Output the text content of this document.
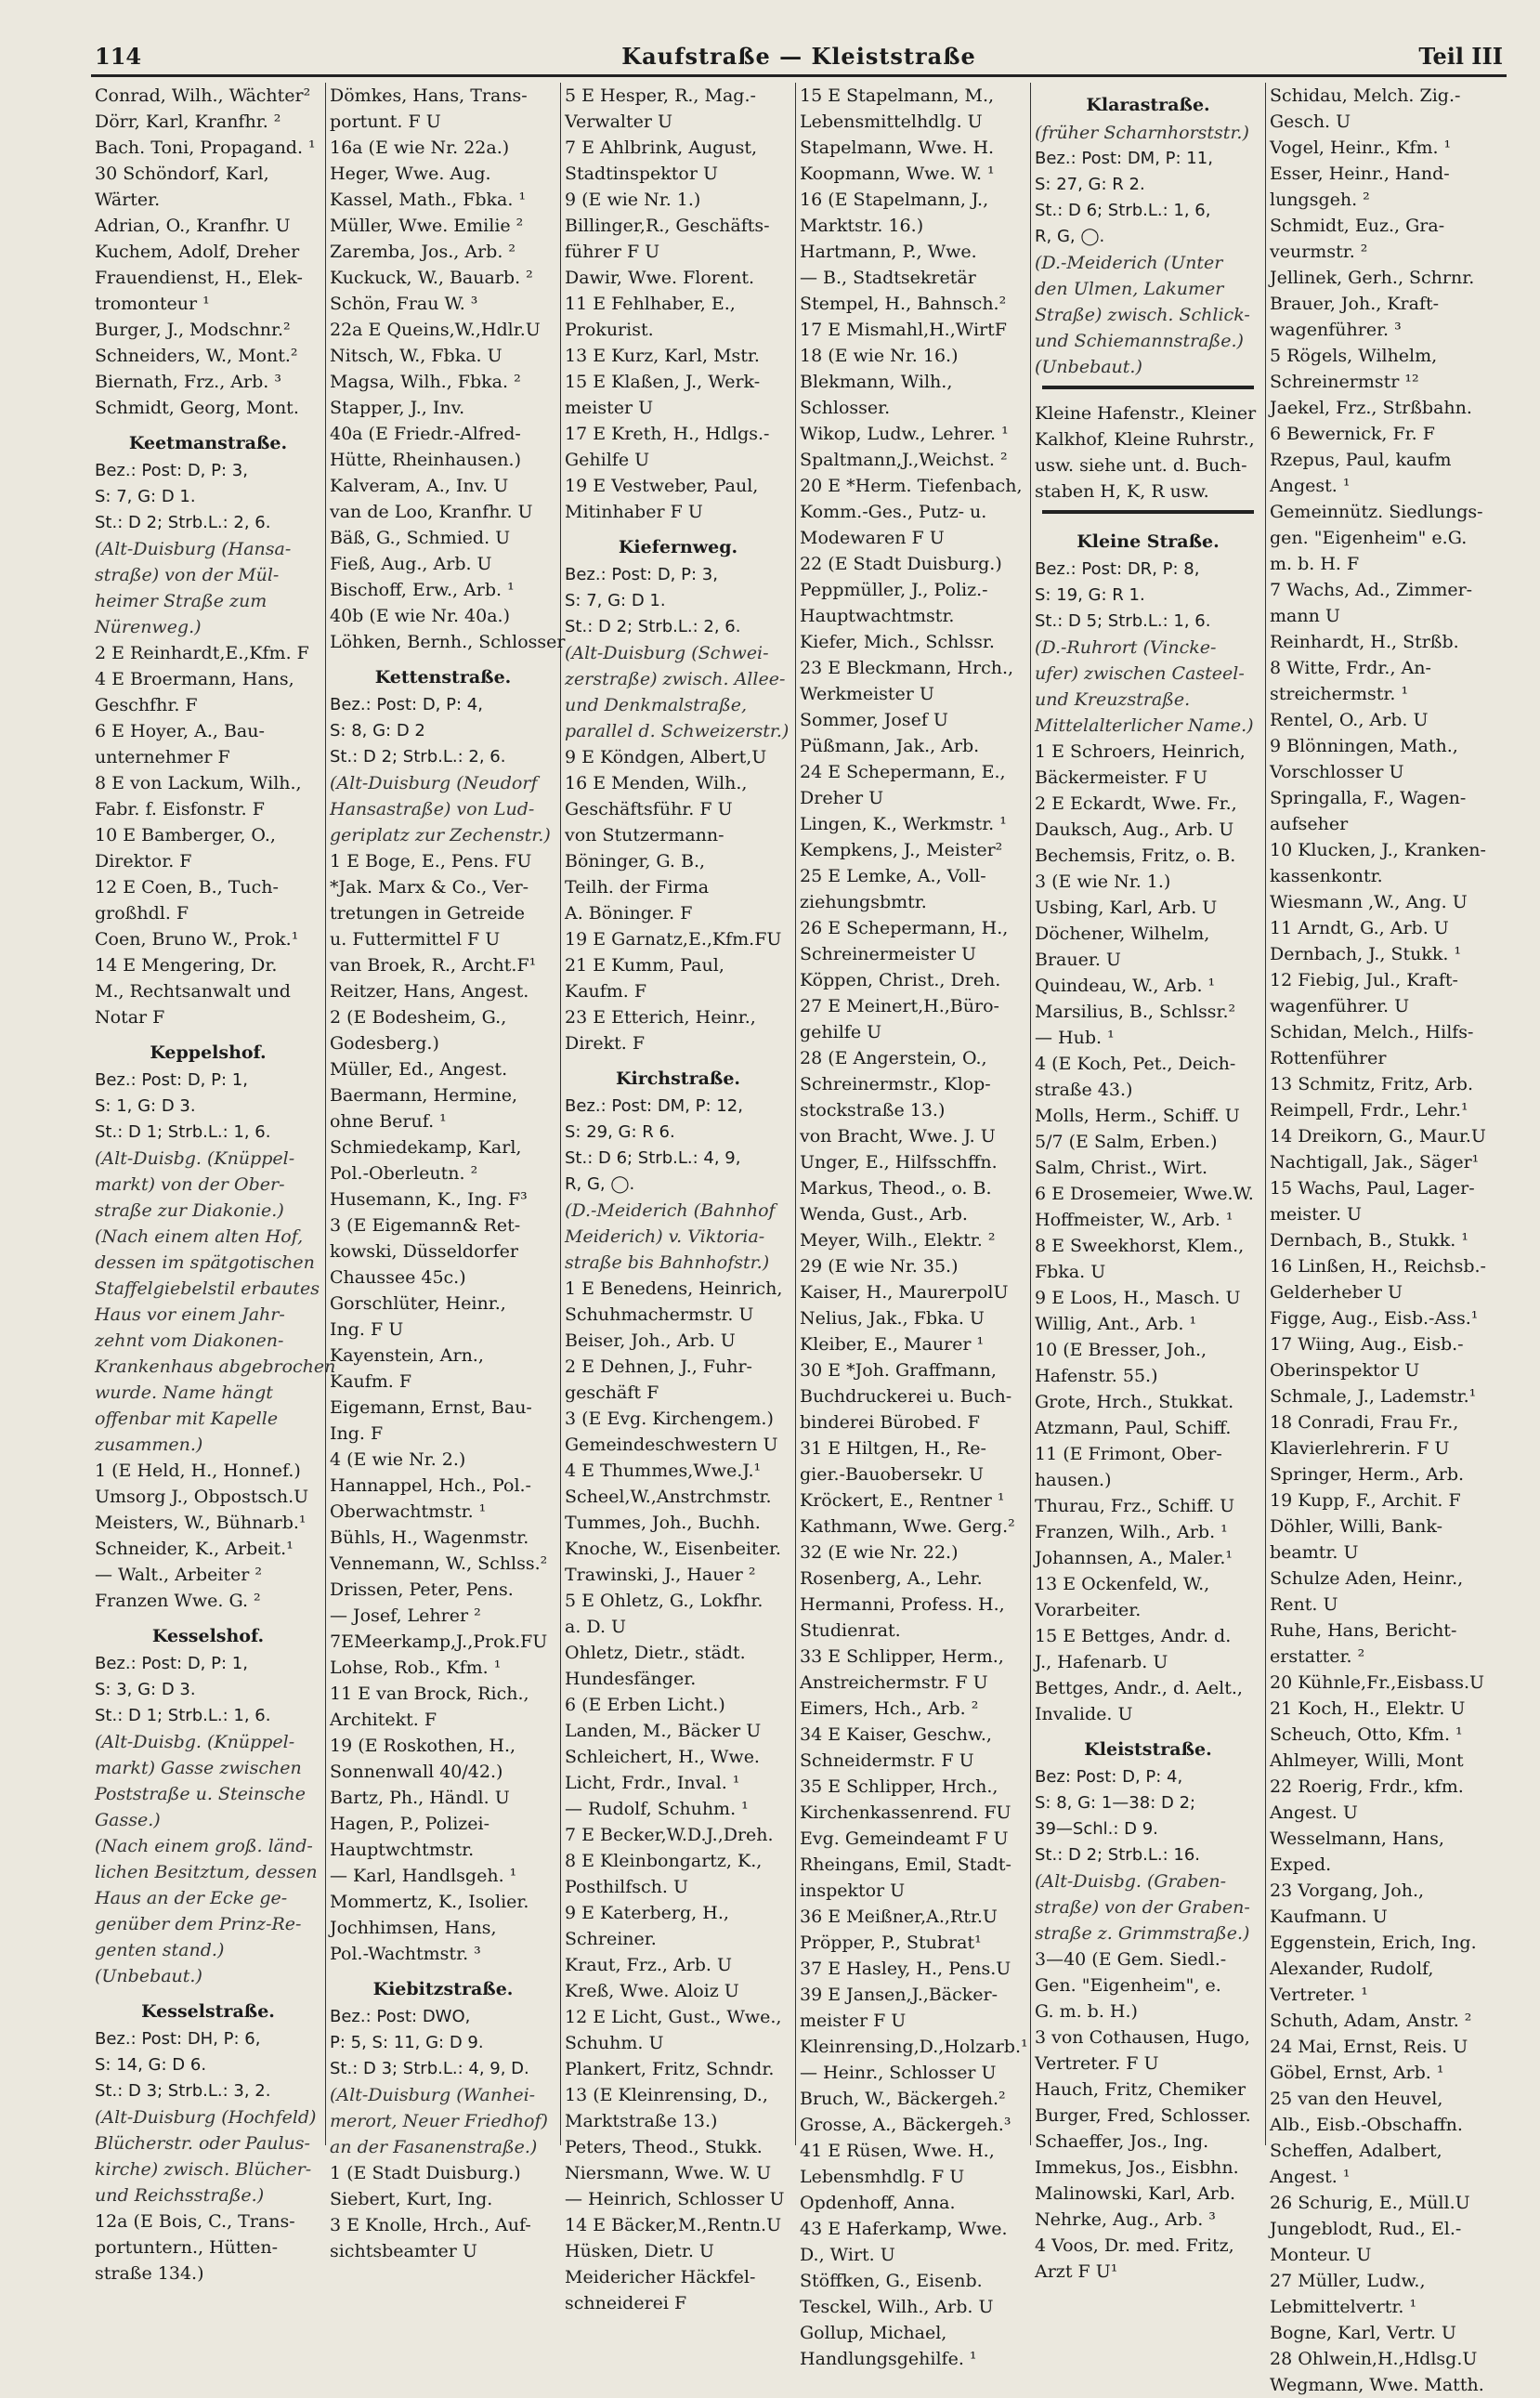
114	Kaufstraße — Kleiststraße	Teil III
Conrad, Wilh., Wächter²
Dörr, Karl, Kranfhr. ²
Bach. Toni, Propagand. ¹
30 Schöndorf, Karl,
Wärter.
Adrian, O., Kranfhr. U
Kuchem, Adolf, Dreher
Frauendienst, H., Elek-
tromonteur ¹
Burger, J., Modschnr.²
Schneiders, W., Mont.²
Biernath, Frz., Arb. ³
Schmidt, Georg, Mont.
Keetmanstraße.
Bez.: Post: D, P: 3,
S: 7, G: D 1.
St.: D 2; Strb.L.: 2, 6.
(Alt-Duisburg (Hansa-
straße) von der Mül-
heimer Straße zum
Nürenweg.)
2 E Reinhardt,E.,Kfm. F
4 E Broermann, Hans,
Geschfhr. F
6 E Hoyer, A., Bau-
unternehmer F
8 E von Lackum, Wilh.,
Fabr. f. Eisfonstr. F
10 E Bamberger, O.,
Direktor. F
12 E Coen, B., Tuch-
großhdl. F
Coen, Bruno W., Prok.¹
14 E Mengering, Dr.
M., Rechtsanwalt und
Notar F
Keppelshof.
Bez.: Post: D, P: 1,
S: 1, G: D 3.
St.: D 1; Strb.L.: 1, 6.
(Alt-Duisbg. (Knüppel-
markt) von der Ober-
straße zur Diakonie.)
(Nach einem alten Hof,
dessen im spätgotischen
Staffelgiebelstil erbautes
Haus vor einem Jahr-
zehnt vom Diakonen-
Krankenhaus abgebrochen
wurde. Name hängt
offenbar mit Kapelle
zusammen.)
1 (E Held, H., Honnef.)
Umsorg J., Obpostsch.U
Meisters, W., Bühnarb.¹
Schneider, K., Arbeit.¹
— Walt., Arbeiter ²
Franzen Wwe. G. ²
Kesselshof.
Bez.: Post: D, P: 1,
S: 3, G: D 3.
St.: D 1; Strb.L.: 1, 6.
(Alt-Duisbg. (Knüppel-
markt) Gasse zwischen
Poststraße u. Steinsche
Gasse.)
(Nach einem groß. länd-
lichen Besitztum, dessen
Haus an der Ecke ge-
genüber dem Prinz-Re-
genten stand.)
(Unbebaut.)
Kesselstraße.
Bez.: Post: DH, P: 6,
S: 14, G: D 6.
St.: D 3; Strb.L.: 3, 2.
(Alt-Duisburg (Hochfeld)
Blücherstr. oder Paulus-
kirche) zwisch. Blücher-
und Reichsstraße.)
12a (E Bois, C., Trans-
portuntern., Hütten-
straße 134.)
Dömkes, Hans, Trans-
portunt. F U
16a (E wie Nr. 22a.)
Heger, Wwe. Aug.
Kassel, Math., Fbka. ¹
Müller, Wwe. Emilie ²
Zaremba, Jos., Arb. ²
Kuckuck, W., Bauarb. ²
Schön, Frau W. ³
22a E Queins,W.,Hdlr.U
Nitsch, W., Fbka. U
Magsa, Wilh., Fbka. ²
Stapper, J., Inv.
40a (E Friedr.-Alfred-
Hütte, Rheinhausen.)
Kalveram, A., Inv. U
van de Loo, Kranfhr. U
Bäß, G., Schmied. U
Fieß, Aug., Arb. U
Bischoff, Erw., Arb. ¹
40b (E wie Nr. 40a.)
Löhken, Bernh., Schlosser
Kettenstraße.
Bez.: Post: D, P: 4,
S: 8, G: D 2
St.: D 2; Strb.L.: 2, 6.
(Alt-Duisburg (Neudorf
Hansastraße) von Lud-
geriplatz zur Zechenstr.)
1 E Boge, E., Pens. FU
*Jak. Marx & Co., Ver-
tretungen in Getreide
u. Futtermittel F U
van Broek, R., Archt.F¹
Reitzer, Hans, Angest.
2 (E Bodesheim, G.,
Godesberg.)
Müller, Ed., Angest.
Baermann, Hermine,
ohne Beruf. ¹
Schmiedekamp, Karl,
Pol.-Oberleutn. ²
Husemann, K., Ing. F³
3 (E Eigemann& Ret-
kowski, Düsseldorfer
Chaussee 45c.)
Gorschlüter, Heinr.,
Ing. F U
Kayenstein, Arn.,
Kaufm. F
Eigemann, Ernst, Bau-
Ing. F
4 (E wie Nr. 2.)
Hannappel, Hch., Pol.-
Oberwachtmstr. ¹
Bühls, H., Wagenmstr.
Vennemann, W., Schlss.²
Drissen, Peter, Pens.
— Josef, Lehrer ²
7EMeerkamp,J.,Prok.FU
Lohse, Rob., Kfm. ¹
11 E van Brock, Rich.,
Architekt. F
19 (E Roskothen, H.,
Sonnenwall 40/42.)
Bartz, Ph., Händl. U
Hagen, P., Polizei-
Hauptwchtmstr.
— Karl, Handlsgeh. ¹
Mommertz, K., Isolier.
Jochhimsen, Hans,
Pol.-Wachtmstr. ³
Kiebitzstraße.
Bez.: Post: DWO,
P: 5, S: 11, G: D 9.
St.: D 3; Strb.L.: 4, 9, D.
(Alt-Duisburg (Wanhei-
merort, Neuer Friedhof)
an der Fasanenstraße.)
1 (E Stadt Duisburg.)
Siebert, Kurt, Ing.
3 E Knolle, Hrch., Auf-
sichtsbeamter U
5 E Hesper, R., Mag.-
Verwalter U
7 E Ahlbrink, August,
Stadtinspektor U
9 (E wie Nr. 1.)
Billinger,R., Geschäfts-
führer F U
Dawir, Wwe. Florent.
11 E Fehlhaber, E.,
Prokurist.
13 E Kurz, Karl, Mstr.
15 E Klaßen, J., Werk-
meister U
17 E Kreth, H., Hdlgs.-
Gehilfe U
19 E Vestweber, Paul,
Mitinhaber F U
Kiefernweg.
Bez.: Post: D, P: 3,
S: 7, G: D 1.
St.: D 2; Strb.L.: 2, 6.
(Alt-Duisburg (Schwei-
zerstraße) zwisch. Allee-
und Denkmalstraße,
parallel d. Schweizerstr.)
9 E Köndgen, Albert,U
16 E Menden, Wilh.,
Geschäftsführ. F U
von Stutzermann-
Böninger, G. B.,
Teilh. der Firma
A. Böninger. F
19 E Garnatz,E.,Kfm.FU
21 E Kumm, Paul,
Kaufm. F
23 E Etterich, Heinr.,
Direkt. F
Kirchstraße.
Bez.: Post: DM, P: 12,
S: 29, G: R 6.
St.: D 6; Strb.L.: 4, 9,
R, G, ◯.
(D.-Meiderich (Bahnhof
Meiderich) v. Viktoria-
straße bis Bahnhofstr.)
1 E Benedens, Heinrich,
Schuhmachermstr. U
Beiser, Joh., Arb. U
2 E Dehnen, J., Fuhr-
geschäft F
3 (E Evg. Kirchengem.)
Gemeindeschwestern U
4 E Thummes,Wwe.J.¹
Scheel,W.,Anstrchmstr.
Tummes, Joh., Buchh.
Knoche, W., Eisenbeiter.
Trawinski, J., Hauer ²
5 E Ohletz, G., Lokfhr.
a. D. U
Ohletz, Dietr., städt.
Hundesfänger.
6 (E Erben Licht.)
Landen, M., Bäcker U
Schleichert, H., Wwe.
Licht, Frdr., Inval. ¹
— Rudolf, Schuhm. ¹
7 E Becker,W.D.J.,Dreh.
8 E Kleinbongartz, K.,
Posthilfsch. U
9 E Katerberg, H.,
Schreiner.
Kraut, Frz., Arb. U
Kreß, Wwe. Aloiz U
12 E Licht, Gust., Wwe.,
Schuhm. U
Plankert, Fritz, Schndr.
13 (E Kleinrensing, D.,
Marktstraße 13.)
Peters, Theod., Stukk.
Niersmann, Wwe. W. U
— Heinrich, Schlosser U
14 E Bäcker,M.,Rentn.U
Hüsken, Dietr. U
Meidericher Häckfel-
schneiderei F
15 E Stapelmann, M.,
Lebensmittelhdlg. U
Stapelmann, Wwe. H.
Koopmann, Wwe. W. ¹
16 (E Stapelmann, J.,
Marktstr. 16.)
Hartmann, P., Wwe.
— B., Stadtsekretär
Stempel, H., Bahnsch.²
17 E Mismahl,H.,WirtF
18 (E wie Nr. 16.)
Blekmann, Wilh.,
Schlosser.
Wikop, Ludw., Lehrer. ¹
Spaltmann,J.,Weichst. ²
20 E *Herm. Tiefenbach,
Komm.-Ges., Putz- u.
Modewaren F U
22 (E Stadt Duisburg.)
Peppmüller, J., Poliz.-
Hauptwachtmstr.
Kiefer, Mich., Schlssr.
23 E Bleckmann, Hrch.,
Werkmeister U
Sommer, Josef U
Püßmann, Jak., Arb.
24 E Schepermann, E.,
Dreher U
Lingen, K., Werkmstr. ¹
Kempkens, J., Meister²
25 E Lemke, A., Voll-
ziehungsbmtr.
26 E Schepermann, H.,
Schreinermeister U
Köppen, Christ., Dreh.
27 E Meinert,H.,Büro-
gehilfe U
28 (E Angerstein, O.,
Schreinermstr., Klop-
stockstraße 13.)
von Bracht, Wwe. J. U
Unger, E., Hilfsschffn.
Markus, Theod., o. B.
Wenda, Gust., Arb.
Meyer, Wilh., Elektr. ²
29 (E wie Nr. 35.)
Kaiser, H., MaurerpolU
Nelius, Jak., Fbka. U
Kleiber, E., Maurer ¹
30 E *Joh. Graffmann,
Buchdruckerei u. Buch-
binderei Bürobed. F
31 E Hiltgen, H., Re-
gier.-Bauobersekr. U
Kröckert, E., Rentner ¹
Kathmann, Wwe. Gerg.²
32 (E wie Nr. 22.)
Rosenberg, A., Lehr.
Hermanni, Profess. H.,
Studienrat.
33 E Schlipper, Herm.,
Anstreichermstr. F U
Eimers, Hch., Arb. ²
34 E Kaiser, Geschw.,
Schneidermstr. F U
35 E Schlipper, Hrch.,
Kirchenkassenrend. FU
Evg. Gemeindeamt F U
Rheingans, Emil, Stadt-
inspektor U
36 E Meißner,A.,Rtr.U
Pröpper, P., Stubrat¹
37 E Hasley, H., Pens.U
39 E Jansen,J.,Bäcker-
meister F U
Kleinrensing,D.,Holzarb.¹
— Heinr., Schlosser U
Bruch, W., Bäckergeh.²
Grosse, A., Bäckergeh.³
41 E Rüsen, Wwe. H.,
Lebensmhdlg. F U
Opdenhoff, Anna.
43 E Haferkamp, Wwe.
D., Wirt. U
Stöffken, G., Eisenb.
Tesckel, Wilh., Arb. U
Gollup, Michael,
Handlungsgehilfe. ¹
Klarastraße.
(früher Scharnhorststr.)
Bez.: Post: DM, P: 11,
S: 27, G: R 2.
St.: D 6; Strb.L.: 1, 6,
R, G, ◯.
(D.-Meiderich (Unter
den Ulmen, Lakumer
Straße) zwisch. Schlick-
und Schiemannstraße.)
(Unbebaut.)
Kleine Hafenstr., Kleiner
Kalkhof, Kleine Ruhrstr.,
usw. siehe unt. d. Buch-
staben H, K, R usw.
Kleine Straße.
Bez.: Post: DR, P: 8,
S: 19, G: R 1.
St.: D 5; Strb.L.: 1, 6.
(D.-Ruhrort (Vincke-
ufer) zwischen Casteel-
und Kreuzstraße.
Mittelalterlicher Name.)
1 E Schroers, Heinrich,
Bäckermeister. F U
2 E Eckardt, Wwe. Fr.,
Dauksch, Aug., Arb. U
Bechemsis, Fritz, o. B.
3 (E wie Nr. 1.)
Usbing, Karl, Arb. U
Döchener, Wilhelm,
Brauer. U
Quindeau, W., Arb. ¹
Marsilius, B., Schlssr.²
— Hub. ¹
4 (E Koch, Pet., Deich-
straße 43.)
Molls, Herm., Schiff. U
5/7 (E Salm, Erben.)
Salm, Christ., Wirt.
6 E Drosemeier, Wwe.W.
Hoffmeister, W., Arb. ¹
8 E Sweekhorst, Klem.,
Fbka. U
9 E Loos, H., Masch. U
Willig, Ant., Arb. ¹
10 (E Bresser, Joh.,
Hafenstr. 55.)
Grote, Hrch., Stukkat.
Atzmann, Paul, Schiff.
11 (E Frimont, Ober-
hausen.)
Thurau, Frz., Schiff. U
Franzen, Wilh., Arb. ¹
Johannsen, A., Maler.¹
13 E Ockenfeld, W.,
Vorarbeiter.
15 E Bettges, Andr. d.
J., Hafenarb. U
Bettges, Andr., d. Aelt.,
Invalide. U
Kleiststraße.
Bez: Post: D, P: 4,
S: 8, G: 1—38: D 2;
39—Schl.: D 9.
St.: D 2; Strb.L.: 16.
(Alt-Duisbg. (Graben-
straße) von der Graben-
straße z. Grimmstraße.)
3—40 (E Gem. Siedl.-
Gen. "Eigenheim", e.
G. m. b. H.)
3 von Cothausen, Hugo,
Vertreter. F U
Hauch, Fritz, Chemiker
Burger, Fred, Schlosser.
Schaeffer, Jos., Ing.
Immekus, Jos., Eisbhn.
Malinowski, Karl, Arb.
Nehrke, Aug., Arb. ³
4 Voos, Dr. med. Fritz,
Arzt F U¹
Schidau, Melch. Zig.-
Gesch. U
Vogel, Heinr., Kfm. ¹
Esser, Heinr., Hand-
lungsgeh. ²
Schmidt, Euz., Gra-
veurmstr. ²
Jellinek, Gerh., Schrnr.
Brauer, Joh., Kraft-
wagenführer. ³
5 Rögels, Wilhelm,
Schreinermstr ¹²
Jaekel, Frz., Strßbahn.
6 Bewernick, Fr. F
Rzepus, Paul, kaufm
Angest. ¹
Gemeinnütz. Siedlungs-
gen. "Eigenheim" e.G.
m. b. H. F
7 Wachs, Ad., Zimmer-
mann U
Reinhardt, H., Strßb.
8 Witte, Frdr., An-
streichermstr. ¹
Rentel, O., Arb. U
9 Blönningen, Math.,
Vorschlosser U
Springalla, F., Wagen-
aufseher
10 Klucken, J., Kranken-
kassenkontr.
Wiesmann ,W., Ang. U
11 Arndt, G., Arb. U
Dernbach, J., Stukk. ¹
12 Fiebig, Jul., Kraft-
wagenführer. U
Schidan, Melch., Hilfs-
Rottenführer
13 Schmitz, Fritz, Arb.
Reimpell, Frdr., Lehr.¹
14 Dreikorn, G., Maur.U
Nachtigall, Jak., Säger¹
15 Wachs, Paul, Lager-
meister. U
Dernbach, B., Stukk. ¹
16 Linßen, H., Reichsb.-
Gelderheber U
Figge, Aug., Eisb.-Ass.¹
17 Wiing, Aug., Eisb.-
Oberinspektor U
Schmale, J., Lademstr.¹
18 Conradi, Frau Fr.,
Klavierlehrerin. F U
Springer, Herm., Arb.
19 Kupp, F., Archit. F
Döhler, Willi, Bank-
beamtr. U
Schulze Aden, Heinr.,
Rent. U
Ruhe, Hans, Bericht-
erstatter. ²
20 Kühnle,Fr.,Eisbass.U
21 Koch, H., Elektr. U
Scheuch, Otto, Kfm. ¹
Ahlmeyer, Willi, Mont
22 Roerig, Frdr., kfm.
Angest. U
Wesselmann, Hans,
Exped.
23 Vorgang, Joh.,
Kaufmann. U
Eggenstein, Erich, Ing.
Alexander, Rudolf,
Vertreter. ¹
Schuth, Adam, Anstr. ²
24 Mai, Ernst, Reis. U
Göbel, Ernst, Arb. ¹
25 van den Heuvel,
Alb., Eisb.-Obschaffn.
Scheffen, Adalbert,
Angest. ¹
26 Schurig, E., Müll.U
Jungeblodt, Rud., El.-
Monteur. U
27 Müller, Ludw.,
Lebmittelvertr. ¹
Bogne, Karl, Vertr. U
28 Ohlwein,H.,Hdlsg.U
Wegmann, Wwe. Matth.
